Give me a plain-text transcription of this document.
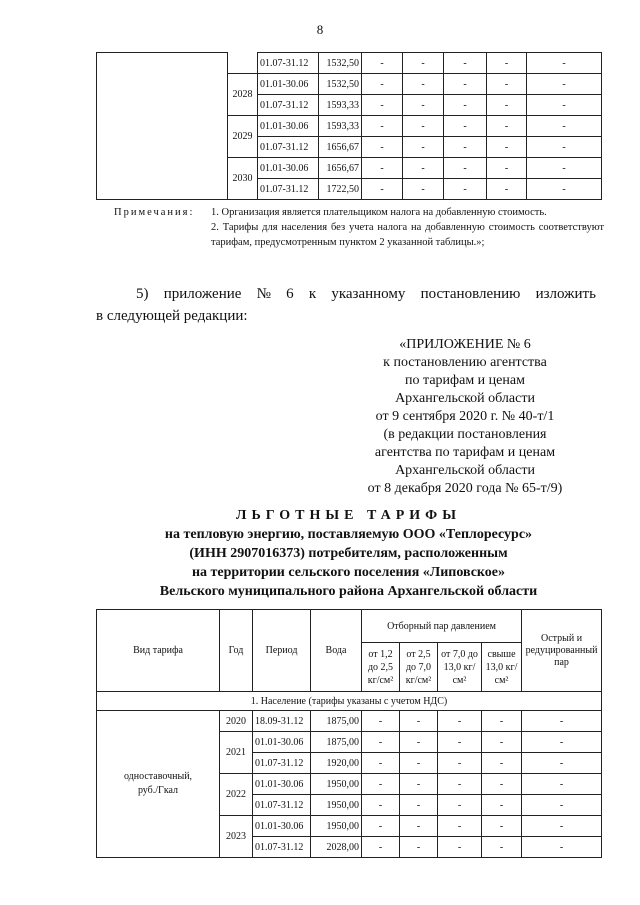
8
		01.07-31.12	1532,50	-	-	-	-	-
	2028	01.01-30.06	1532,50	-	-	-	-	-
		01.07-31.12	1593,33	-	-	-	-	-
	2029	01.01-30.06	1593,33	-	-	-	-	-
		01.07-31.12	1656,67	-	-	-	-	-
	2030	01.01-30.06	1656,67	-	-	-	-	-
		01.07-31.12	1722,50	-	-	-	-	-
Примечания: 1. Организация является плательщиком налога на добавленную стоимость.

2. Тарифы для населения без учета налога на добавленную стоимость соответствуют тарифам, предусмотренным пунктом 2 указанной таблицы.»;

5) приложение № 6 к указанному постановлению изложить
в следующей редакции:
«ПРИЛОЖЕНИЕ № 6
к постановлению агентства
по тарифам и ценам
Архангельской области
от 9 сентября 2020 г. № 40-т/1
(в редакции постановления
агентства по тарифам и ценам
Архангельской области
от 8 декабря 2020 года № 65-т/9)
ЛЬГОТНЫЕ ТАРИФЫ
на тепловую энергию, поставляемую ООО «Теплоресурс»
(ИНН 2907016373) потребителям, расположенным
на территории сельского поселения «Липовское»
Вельского муниципального района Архангельской области
Вид тарифа	Год	Период	Вода	Отборный пар давлением				Острый и редуцированный пар
				от 1,2 до 2,5 кг/см²	от 2,5 до 7,0 кг/см²	от 7,0 до 13,0 кг/см²	свыше 13,0 кг/см²	
1. Население (тарифы указаны с учетом НДС)								
одноставочный,
руб./Гкал	2020	18.09-31.12	1875,00	-	-	-	-	-
	2021	01.01-30.06	1875,00	-	-	-	-	-
		01.07-31.12	1920,00	-	-	-	-	-
	2022	01.01-30.06	1950,00	-	-	-	-	-
		01.07-31.12	1950,00	-	-	-	-	-
	2023	01.01-30.06	1950,00	-	-	-	-	-
		01.07-31.12	2028,00	-	-	-	-	-
